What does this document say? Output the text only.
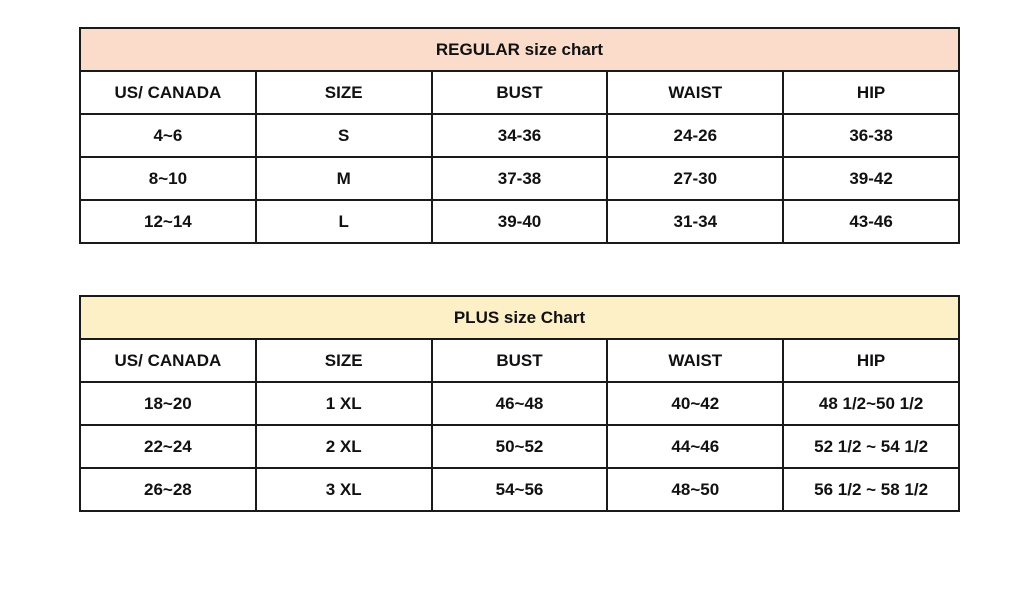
REGULAR size chart				
US/ CANADA	SIZE	BUST	WAIST	HIP
4~6	S	34-36	24-26	36-38
8~10	M	37-38	27-30	39-42
12~14	L	39-40	31-34	43-46
PLUS size Chart				
US/ CANADA	SIZE	BUST	WAIST	HIP
18~20	1 XL	46~48	40~42	48 1/2~50 1/2
22~24	2 XL	50~52	44~46	52 1/2 ~ 54 1/2
26~28	3 XL	54~56	48~50	56 1/2 ~ 58 1/2
